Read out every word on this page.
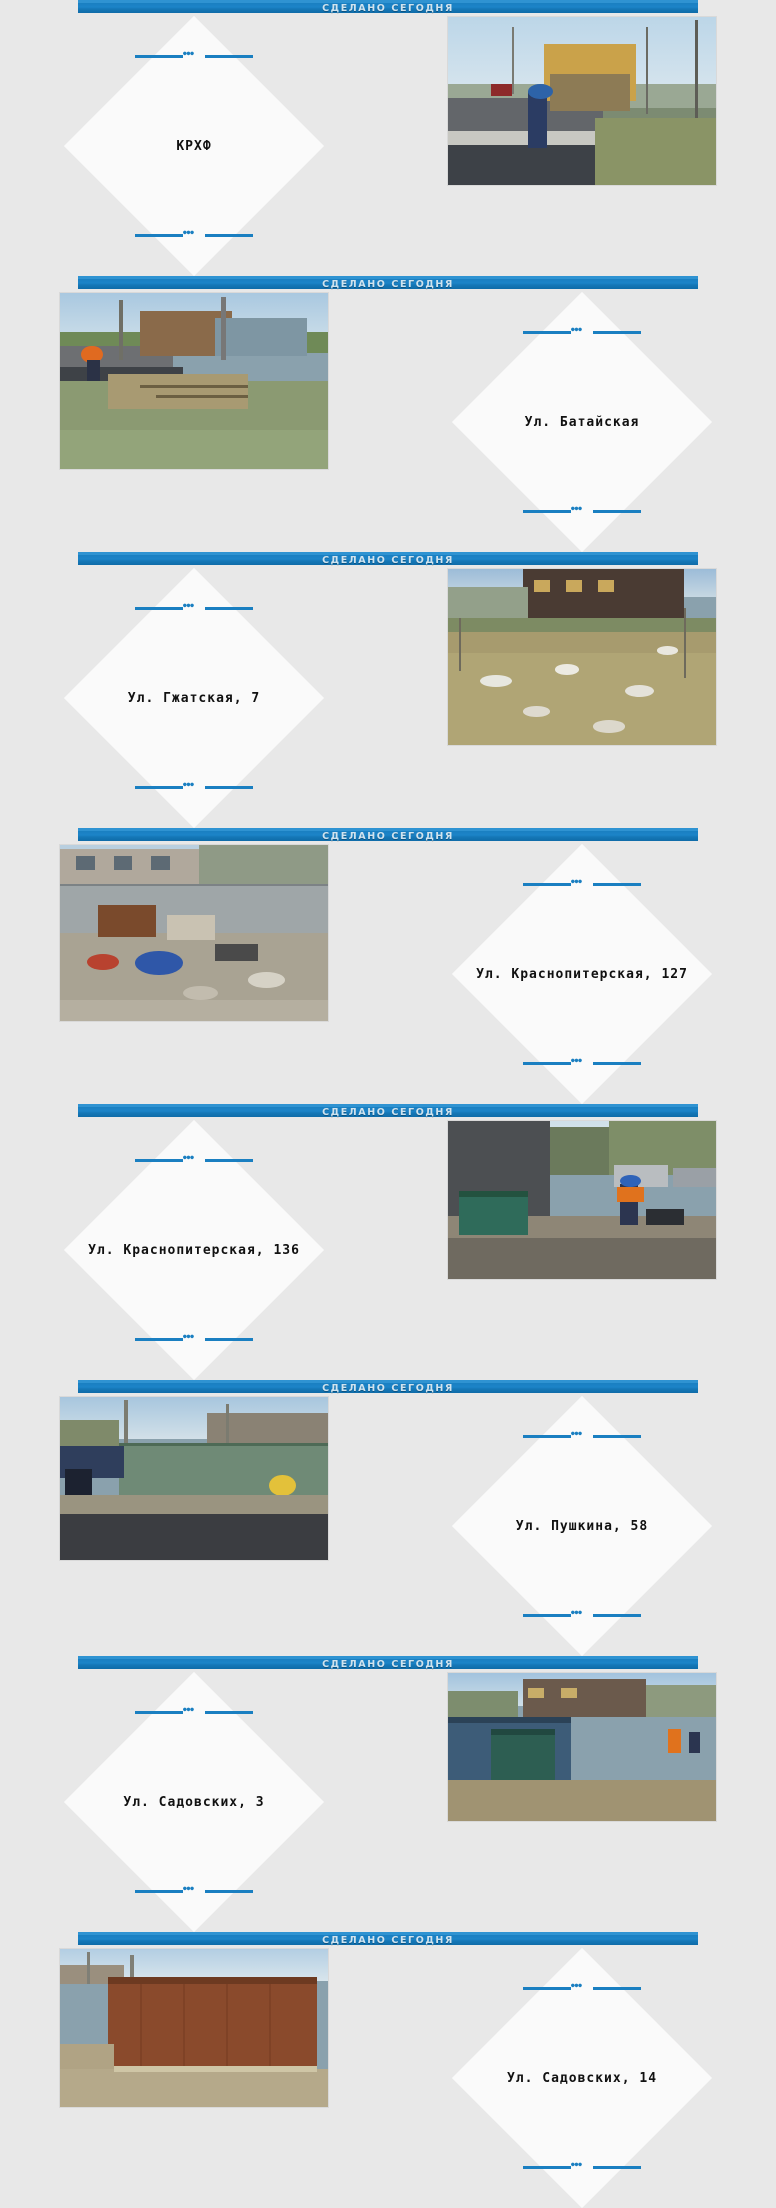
СДЕЛАНО СЕГОДНЯ
●●●
●●●
КРХФ
СДЕЛАНО СЕГОДНЯ
●●●
●●●
Ул. Батайская
СДЕЛАНО СЕГОДНЯ
●●●
●●●
Ул. Гжатская, 7
СДЕЛАНО СЕГОДНЯ
●●●
●●●
Ул. Краснопитерская, 127
СДЕЛАНО СЕГОДНЯ
●●●
●●●
Ул. Краснопитерская, 136
СДЕЛАНО СЕГОДНЯ
●●●
●●●
Ул. Пушкина, 58
СДЕЛАНО СЕГОДНЯ
●●●
●●●
Ул. Садовских, 3
СДЕЛАНО СЕГОДНЯ
●●●
●●●
Ул. Садовских, 14
